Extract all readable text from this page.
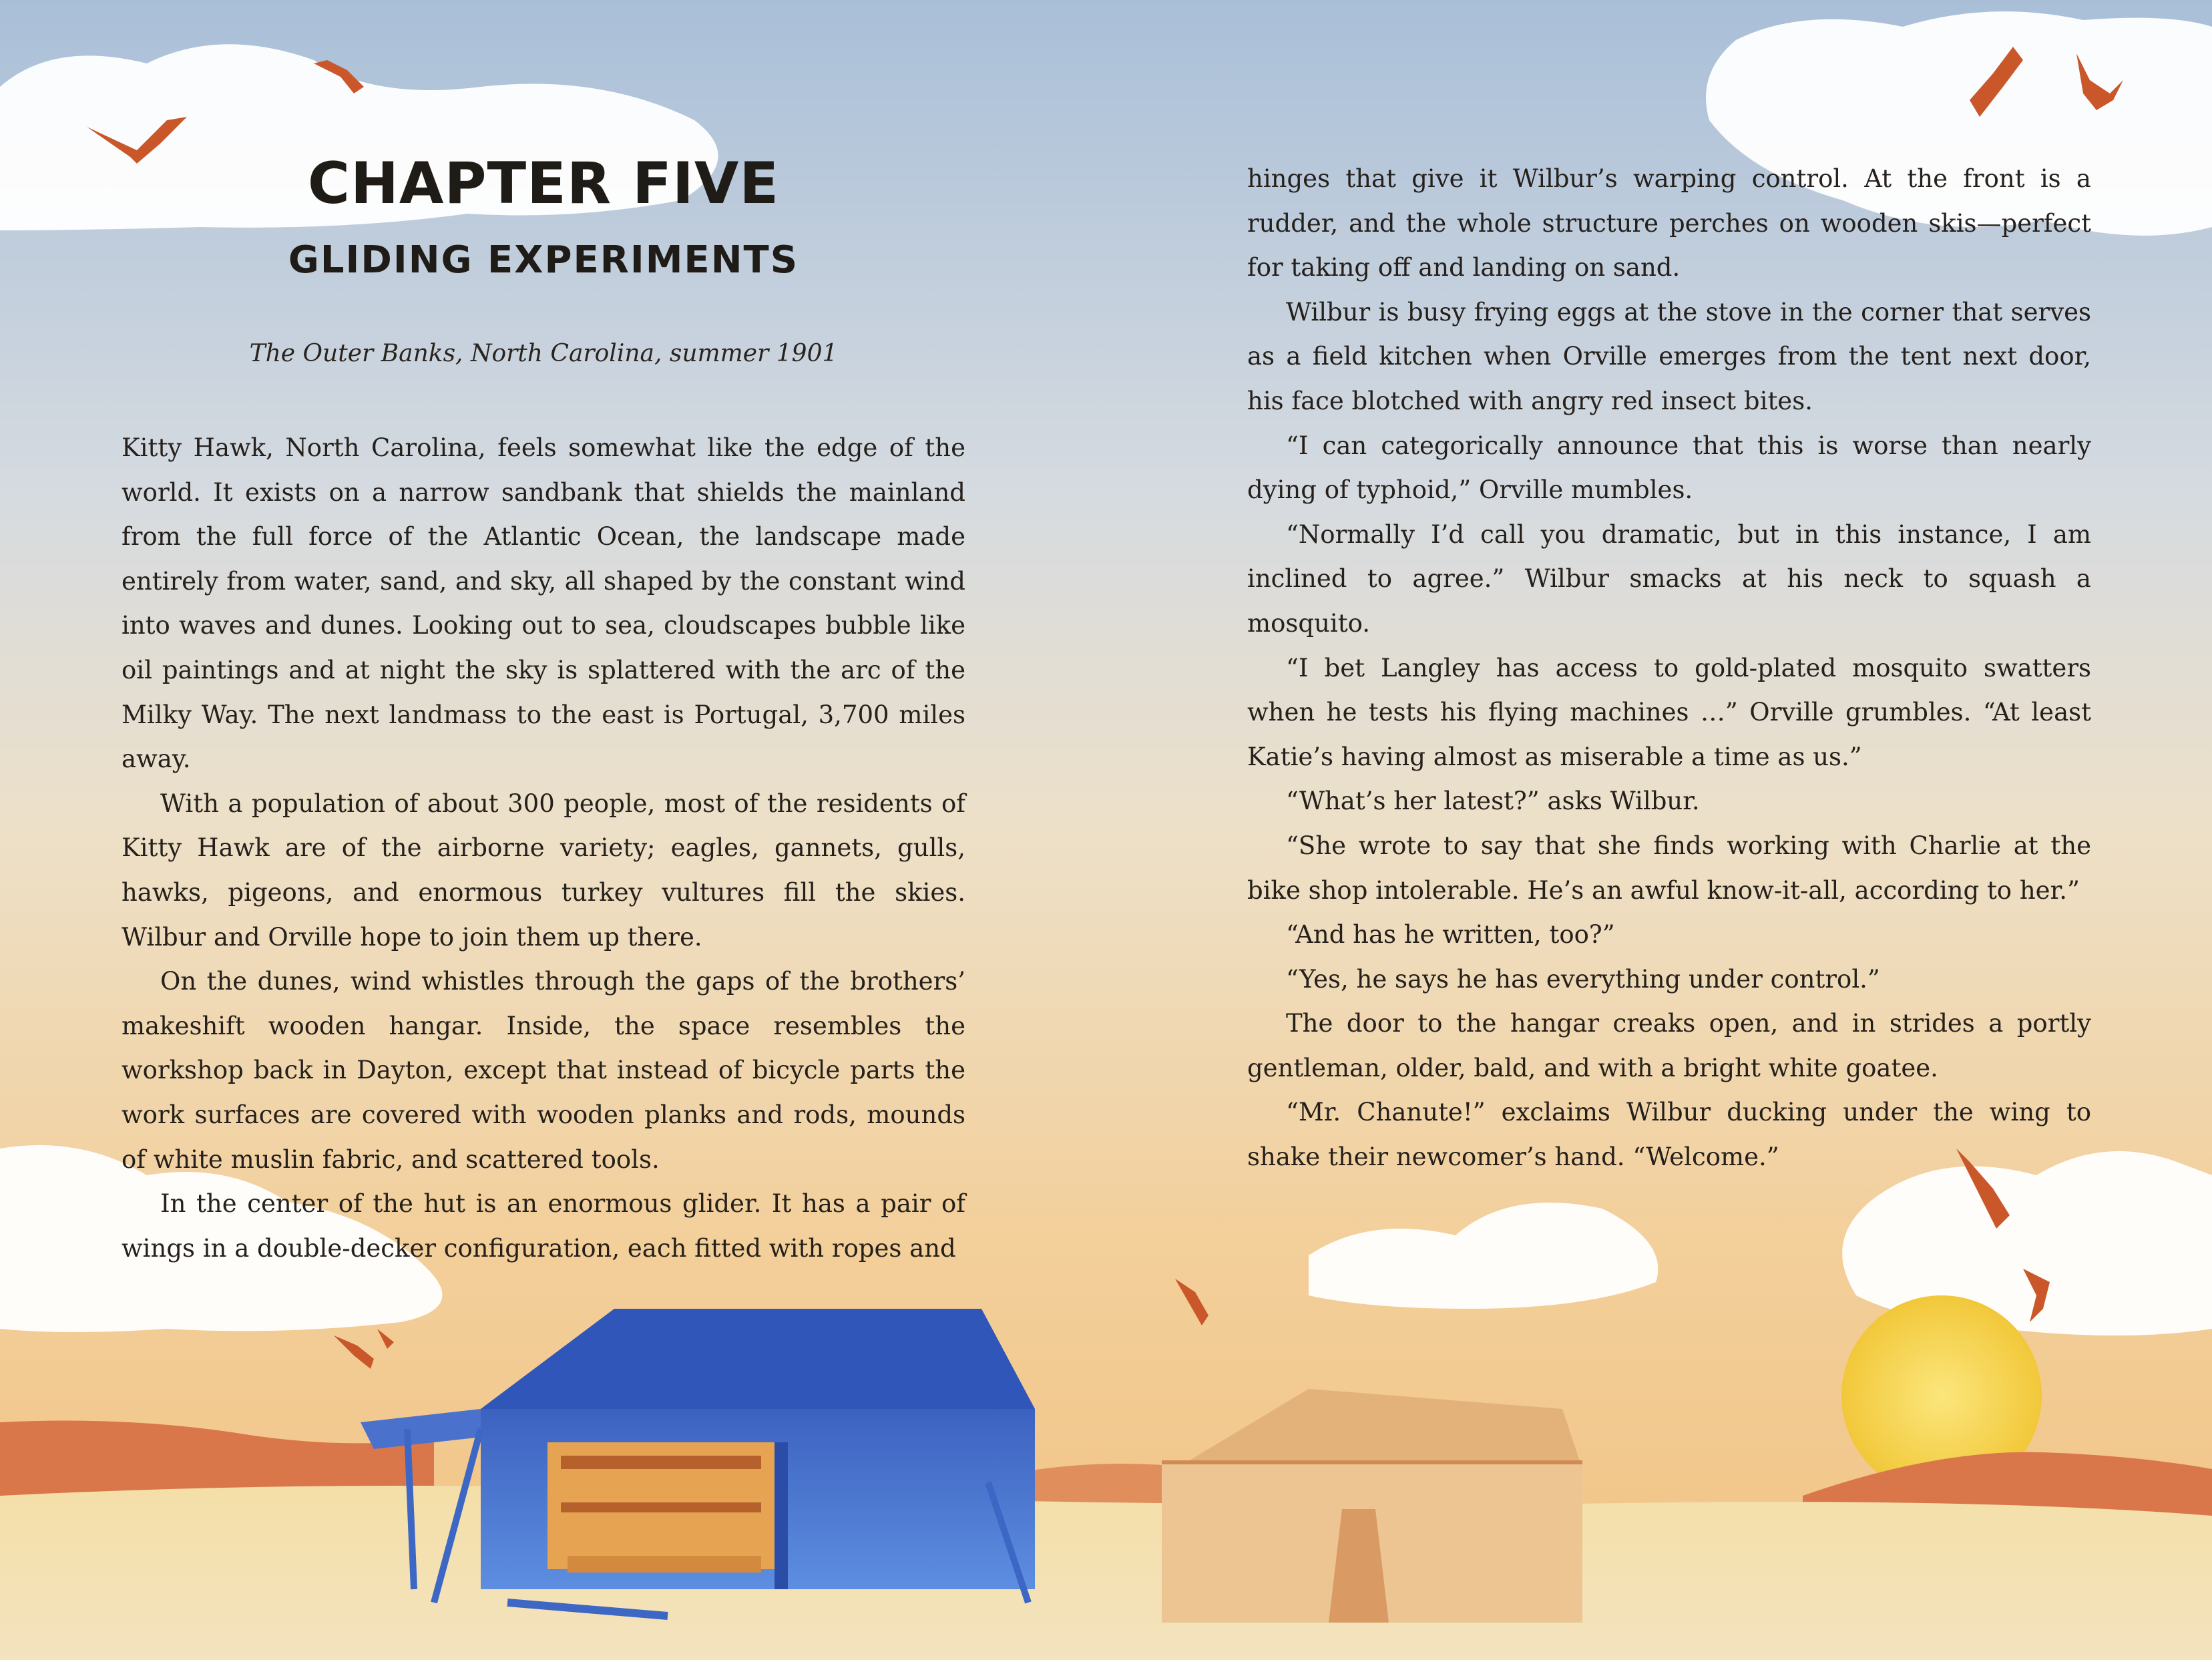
CHAPTER FIVE
GLIDING EXPERIMENTS
The Outer Banks, North Carolina, summer 1901

Kitty Hawk, North Carolina, feels somewhat like the edge of the world. It exists on a narrow sandbank that shields the mainland from the full force of the Atlantic Ocean, the landscape made entirely from water, sand, and sky, all shaped by the constant wind into waves and dunes. Looking out to sea, cloudscapes bubble like oil paintings and at night the sky is splattered with the arc of the Milky Way. The next landmass to the east is Portugal, 3,700 miles away.

With a population of about 300 people, most of the residents of Kitty Hawk are of the airborne variety; eagles, gannets, gulls, hawks, pigeons, and enormous turkey vultures fill the skies. Wilbur and Orville hope to join them up there.

On the dunes, wind whistles through the gaps of the brothers’ makeshift wooden hangar. Inside, the space resembles the workshop back in Dayton, except that instead of bicycle parts the work surfaces are covered with wooden planks and rods, mounds of white muslin fabric, and scattered tools.

In the center of the hut is an enormous glider. It has a pair of wings in a double-decker configuration, each fitted with ropes and

hinges that give it Wilbur’s warping control. At the front is a rudder, and the whole structure perches on wooden skis—perfect for taking off and landing on sand.

Wilbur is busy frying eggs at the stove in the corner that serves as a field kitchen when Orville emerges from the tent next door, his face blotched with angry red insect bites.

“I can categorically announce that this is worse than nearly dying of typhoid,” Orville mumbles.

“Normally I’d call you dramatic, but in this instance, I am inclined to agree.” Wilbur smacks at his neck to squash a mosquito.

“I bet Langley has access to gold-plated mosquito swatters when he tests his flying machines …” Orville grumbles. “At least Katie’s having almost as miserable a time as us.”

“What’s her latest?” asks Wilbur.

“She wrote to say that she finds working with Charlie at the bike shop intolerable. He’s an awful know-it-all, according to her.”

“And has he written, too?”

“Yes, he says he has everything under control.”

The door to the hangar creaks open, and in strides a portly gentleman, older, bald, and with a bright white goatee.

“Mr. Chanute!” exclaims Wilbur ducking under the wing to shake their newcomer’s hand. “Welcome.”
